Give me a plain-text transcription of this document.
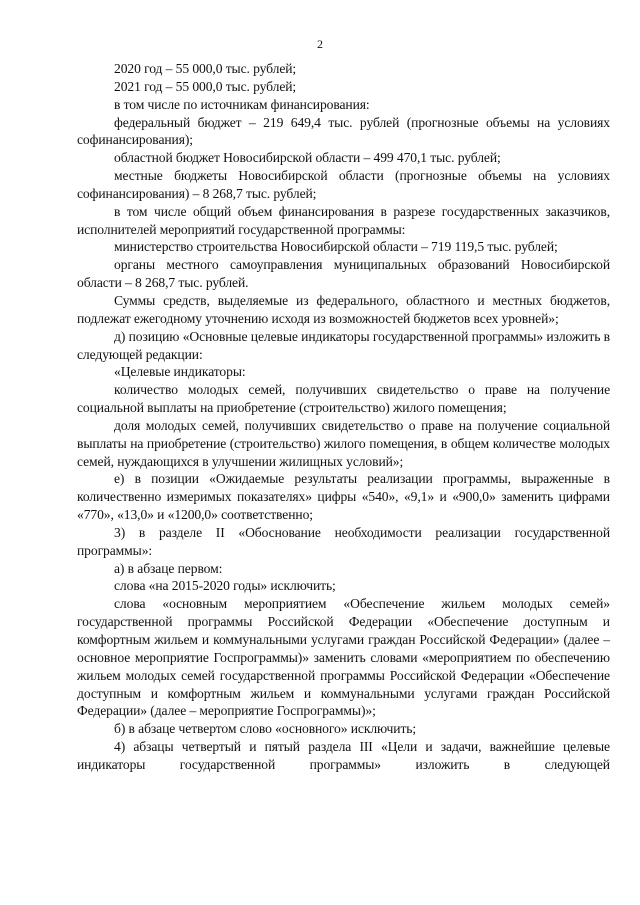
2

2020 год – 55 000,0 тыс. рублей;

2021 год – 55 000,0 тыс. рублей;

в том числе по источникам финансирования:

федеральный бюджет – 219 649,4 тыс. рублей (прогнозные объемы на условиях софинансирования);

областной бюджет Новосибирской области – 499 470,1 тыс. рублей;

местные бюджеты Новосибирской области (прогнозные объемы на условиях софинансирования) – 8 268,7 тыс. рублей;

в том числе общий объем финансирования в разрезе государственных заказчиков, исполнителей мероприятий государственной программы:

министерство строительства Новосибирской области – 719 119,5 тыс. рублей;

органы местного самоуправления муниципальных образований Новосибирской области – 8 268,7 тыс. рублей.

Суммы средств, выделяемые из федерального, областного и местных бюджетов, подлежат ежегодному уточнению исходя из возможностей бюджетов всех уровней»;

д) позицию «Основные целевые индикаторы государственной программы» изложить в следующей редакции:

«Целевые индикаторы:

количество молодых семей, получивших свидетельство о праве на получение социальной выплаты на приобретение (строительство) жилого помещения;

доля молодых семей, получивших свидетельство о праве на получение социальной выплаты на приобретение (строительство) жилого помещения, в общем количестве молодых семей, нуждающихся в улучшении жилищных условий»;

е) в позиции «Ожидаемые результаты реализации программы, выраженные в количественно измеримых показателях» цифры «540», «9,1» и «900,0» заменить цифрами «770», «13,0» и «1200,0» соответственно;

3) в разделе II «Обоснование необходимости реализации государственной программы»:

а) в абзаце первом:

слова «на 2015-2020 годы» исключить;

слова «основным мероприятием «Обеспечение жильем молодых семей» государственной программы Российской Федерации «Обеспечение доступным и комфортным жильем и коммунальными услугами граждан Российской Федерации» (далее – основное мероприятие Госпрограммы)» заменить словами «мероприятием по обеспечению жильем молодых семей государственной программы Российской Федерации «Обеспечение доступным и комфортным жильем и коммунальными услугами граждан Российской Федерации» (далее – мероприятие Госпрограммы)»;

б) в абзаце четвертом слово «основного» исключить;

4) абзацы четвертый и пятый раздела III «Цели и задачи, важнейшие целевые индикаторы государственной программы» изложить в следующей
